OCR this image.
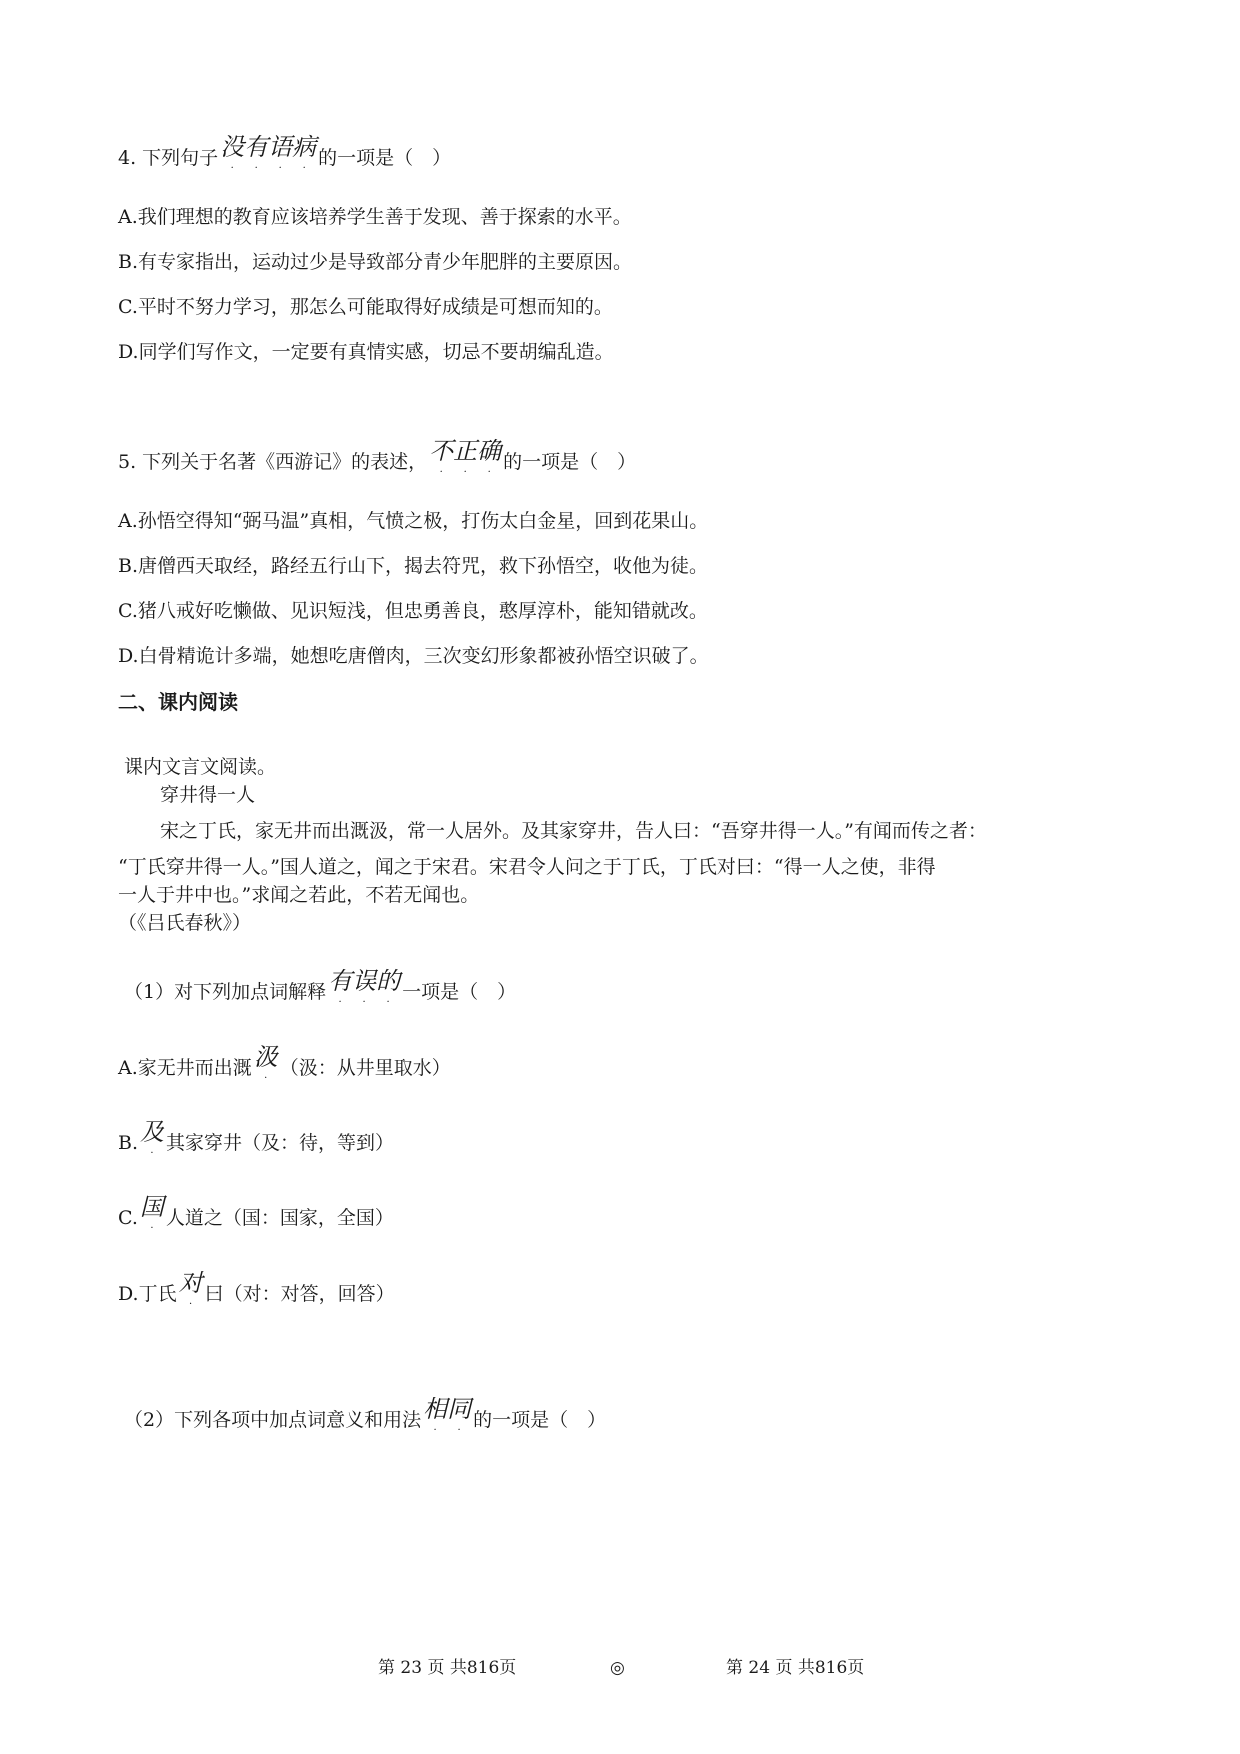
4. 下列句子没有语病
· · · · 的一项是（　）
A.我们理想的教育应该培养学生善于发现、善于探索的水平。
B.有专家指出，运动过少是导致部分青少年肥胖的主要原因。
C.平时不努力学习，那怎么可能取得好成绩是可想而知的。
D.同学们写作文，一定要有真情实感，切忌不要胡编乱造。
5. 下列关于名著《西游记》的表述，不正确
· · · 的一项是（　）
A.孙悟空得知“弼马温”真相，气愤之极，打伤太白金星，回到花果山。
B.唐僧西天取经，路经五行山下，揭去符咒，救下孙悟空，收他为徒。
C.猪八戒好吃懒做、见识短浅，但忠勇善良，憨厚淳朴，能知错就改。
D.白骨精诡计多端，她想吃唐僧肉，三次变幻形象都被孙悟空识破了。
二、课内阅读
课内文言文阅读。
穿井得一人
宋之丁氏，家无井而出溉汲，常一人居外。及其家穿井，告人曰：“吾穿井得一人。”有闻而传之者：
“丁氏穿井得一人。”国人道之，闻之于宋君。宋君令人问之于丁氏，丁氏对曰：“得一人之使，非得
一人于井中也。”求闻之若此，不若无闻也。
（《吕氏春秋》）
（1）对下列加点词解释有误的
· · · 一项是（　）
A.家无井而出溉汲
· （汲：从井里取水）
B.及
· 其家穿井（及：待，等到）
C.国
· 人道之（国：国家，全国）
D.丁氏对
· 曰（对：对答，回答）
（2）下列各项中加点词意义和用法相同
· · 的一项是（　）
第 23 页 共816页	◎	第 24 页 共816页
